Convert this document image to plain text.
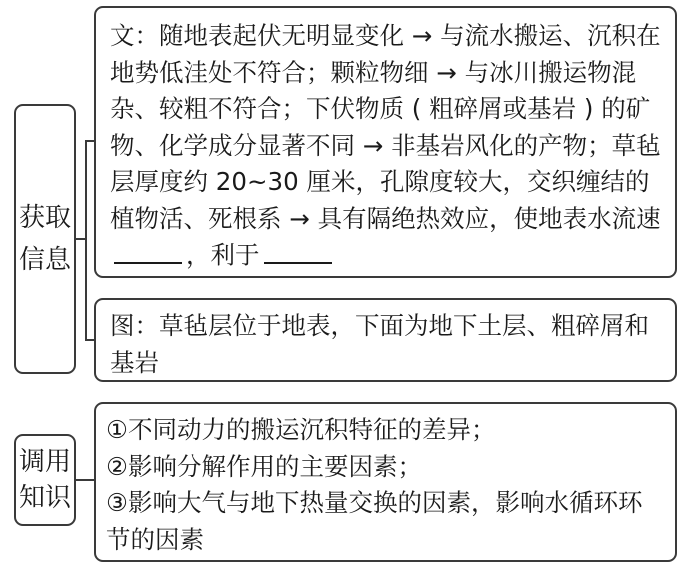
获取
信息

文：随地表起伏无明显变化 → 与流水搬运、沉积在地势低洼处不符合；颗粒物细 → 与冰川搬运物混杂、较粗不符合；下伏物质 ( 粗碎屑或基岩 ) 的矿物、化学成分显著不同 → 非基岩风化的产物；草毡层厚度约 20~30 厘米，孔隙度较大，交织缠结的植物活、死根系 → 具有隔绝热效应，使地表水流速，利于

图：草毡层位于地表，下面为地下土层、粗碎屑和基岩

调用
知识

①不同动力的搬运沉积特征的差异；

②影响分解作用的主要因素；

③影响大气与地下热量交换的因素，影响水循环环节的因素
